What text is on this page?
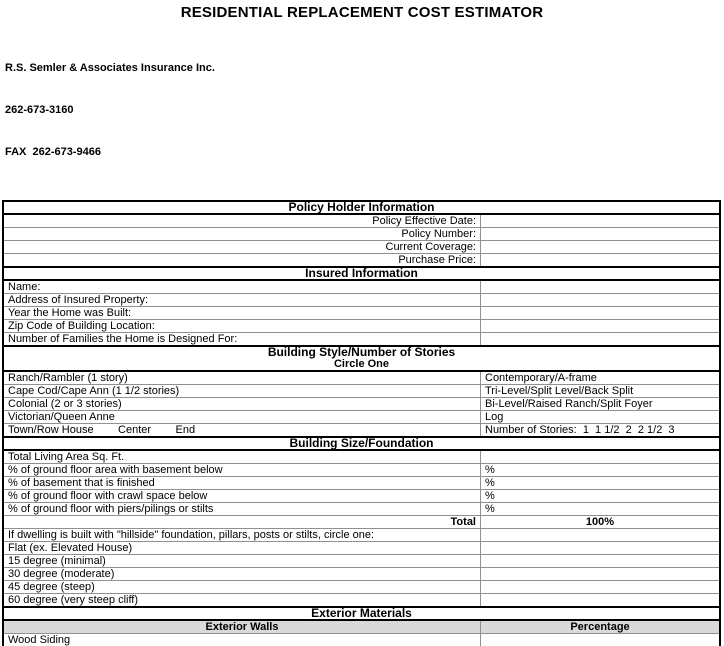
RESIDENTIAL REPLACEMENT COST ESTIMATOR

R.S. Semler & Associates Insurance Inc.

262-673-3160

FAX  262-673-9466

Policy Holder Information
Policy Effective Date:
Policy Number:
Current Coverage:
Purchase Price:
Insured Information
Name:
Address of Insured Property:
Year the Home was Built:
Zip Code of Building Location:
Number of Families the Home is Designed For:
Building Style/Number of Stories
Circle One
Ranch/Rambler (1 story)	Contemporary/A-frame
Cape Cod/Cape Ann (1 1/2 stories)	Tri-Level/Split Level/Back Split
Colonial (2 or 3 stories)	Bi-Level/Raised Ranch/Split Foyer
Victorian/Queen Anne	Log
Town/Row House        Center        End	Number of Stories:  1  1 1/2  2  2 1/2  3
Building Size/Foundation
Total Living Area Sq. Ft.
% of ground floor area with basement below	%
% of basement that is finished	%
% of ground floor with crawl space below	%
% of ground floor with piers/pilings or stilts	%
Total	100%
If dwelling is built with "hillside" foundation, pillars, posts or stilts, circle one:
Flat (ex. Elevated House)
15 degree (minimal)
30 degree (moderate)
45 degree (steep)
60 degree (very steep cliff)
Exterior Materials
Exterior Walls	Percentage
Wood Siding
